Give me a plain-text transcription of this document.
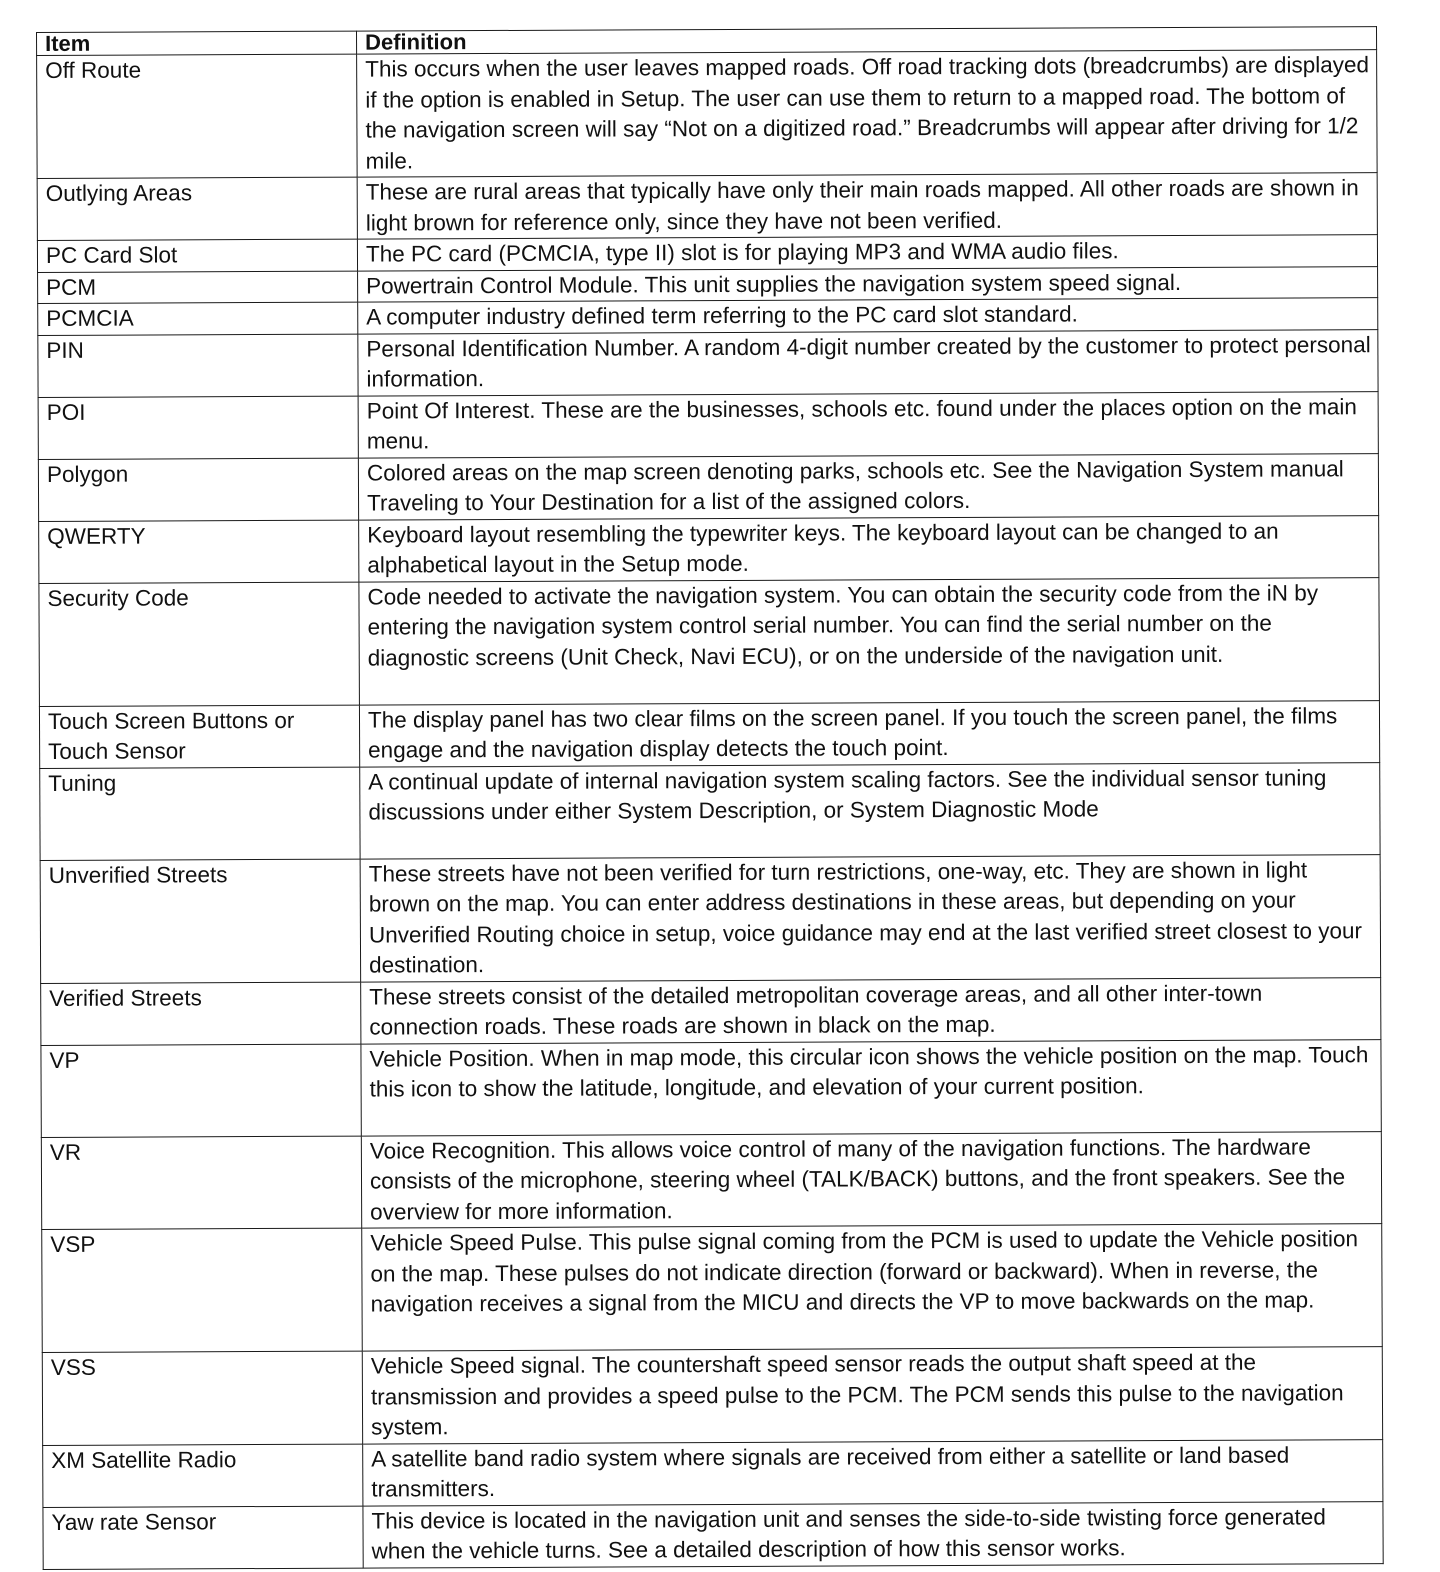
Item	Definition
Off Route	This occurs when the user leaves mapped roads. Off road tracking dots (breadcrumbs) are displayed if the option is enabled in Setup. The user can use them to return to a mapped road. The bottom of the navigation screen will say “Not on a digitized road.” Breadcrumbs will appear after driving for 1/2 mile.
Outlying Areas	These are rural areas that typically have only their main roads mapped. All other roads are shown in light brown for reference only, since they have not been verified.
PC Card Slot	The PC card (PCMCIA, type II) slot is for playing MP3 and WMA audio files.
PCM	Powertrain Control Module. This unit supplies the navigation system speed signal.
PCMCIA	A computer industry defined term referring to the PC card slot standard.
PIN	Personal Identification Number. A random 4-digit number created by the customer to protect personal information.
POI	Point Of Interest. These are the businesses, schools etc. found under the places option on the main menu.
Polygon	Colored areas on the map screen denoting parks, schools etc. See the Navigation System manual Traveling to Your Destination for a list of the assigned colors.
QWERTY	Keyboard layout resembling the typewriter keys. The keyboard layout can be changed to an alphabetical layout in the Setup mode.
Security Code	Code needed to activate the navigation system. You can obtain the security code from the iN by entering the navigation system control serial number. You can find the serial number on the diagnostic screens (Unit Check, Navi ECU), or on the underside of the navigation unit.
Touch Screen Buttons or Touch Sensor	The display panel has two clear films on the screen panel. If you touch the screen panel, the films engage and the navigation display detects the touch point.
Tuning	A continual update of internal navigation system scaling factors. See the individual sensor tuning discussions under either System Description, or System Diagnostic Mode
Unverified Streets	These streets have not been verified for turn restrictions, one-way, etc. They are shown in light brown on the map. You can enter address destinations in these areas, but depending on your Unverified Routing choice in setup, voice guidance may end at the last verified street closest to your destination.
Verified Streets	These streets consist of the detailed metropolitan coverage areas, and all other inter-town connection roads. These roads are shown in black on the map.
VP	Vehicle Position. When in map mode, this circular icon shows the vehicle position on the map. Touch this icon to show the latitude, longitude, and elevation of your current position.
VR	Voice Recognition. This allows voice control of many of the navigation functions. The hardware consists of the microphone, steering wheel (TALK/BACK) buttons, and the front speakers. See the overview for more information.
VSP	Vehicle Speed Pulse. This pulse signal coming from the PCM is used to update the Vehicle position on the map. These pulses do not indicate direction (forward or backward). When in reverse, the navigation receives a signal from the MICU and directs the VP to move backwards on the map.
VSS	Vehicle Speed signal. The countershaft speed sensor reads the output shaft speed at the transmission and provides a speed pulse to the PCM. The PCM sends this pulse to the navigation system.
XM Satellite Radio	A satellite band radio system where signals are received from either a satellite or land based transmitters.
Yaw rate Sensor	This device is located in the navigation unit and senses the side-to-side twisting force generated when the vehicle turns. See a detailed description of how this sensor works.
